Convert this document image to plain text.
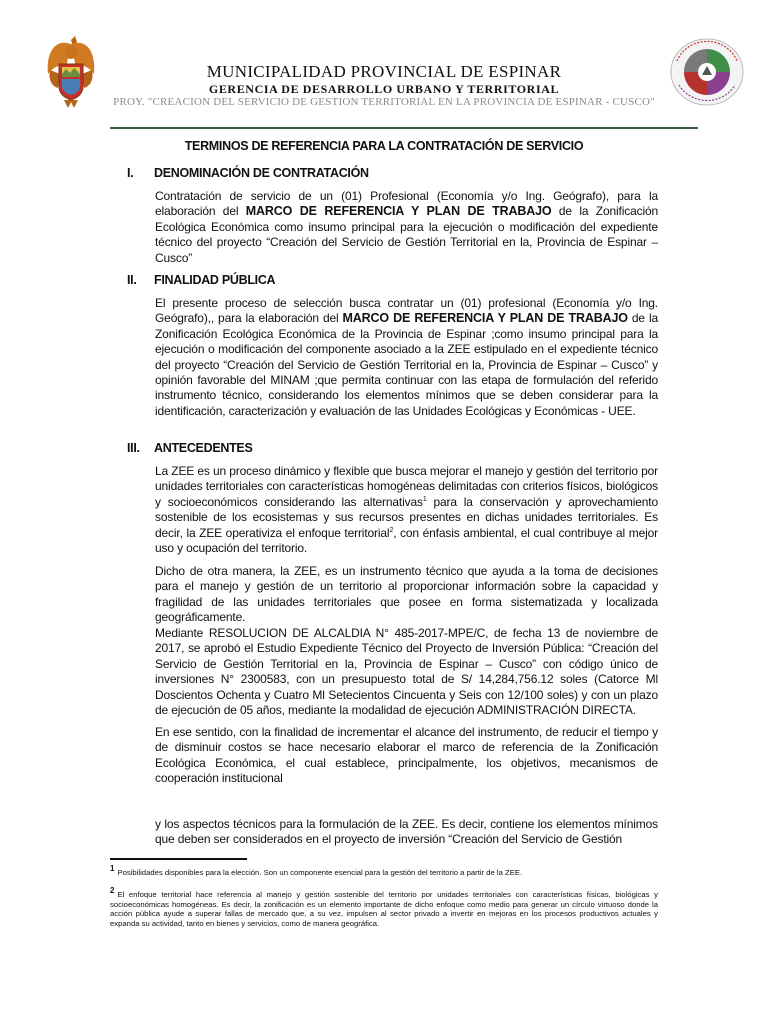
MUNICIPALIDAD PROVINCIAL DE ESPINAR
GERENCIA DE DESARROLLO URBANO Y TERRITORIAL
PROY. "CREACION DEL SERVICIO DE GESTION TERRITORIAL EN LA PROVINCIA DE ESPINAR - CUSCO"
TERMINOS DE REFERENCIA PARA LA CONTRATACIÓN DE SERVICIO
I. DENOMINACIÓN DE CONTRATACIÓN
Contratación de servicio de un (01) Profesional (Economía y/o Ing. Geógrafo), para la elaboración del MARCO DE REFERENCIA Y PLAN DE TRABAJO de la Zonificación Ecológica Económica como insumo principal para la ejecución o modificación del expediente técnico del proyecto “Creación del Servicio de Gestión Territorial en la, Provincia de Espinar – Cusco”
II. FINALIDAD PÚBLICA
El presente proceso de selección busca contratar un (01) profesional (Economía y/o Ing. Geógrafo),, para la elaboración del MARCO DE REFERENCIA Y PLAN DE TRABAJO de la Zonificación Ecológica Económica de la Provincia de Espinar ;como insumo principal para la ejecución o modificación del componente asociado a la ZEE estipulado en el expediente técnico del proyecto “Creación del Servicio de Gestión Territorial en la, Provincia de Espinar – Cusco” y opinión favorable del MINAM ;que permita continuar con las etapa de formulación del referido instrumento técnico, considerando los elementos mínimos que se deben considerar para la identificación, caracterización y evaluación de las Unidades Ecológicas y Económicas - UEE.
III. ANTECEDENTES
La ZEE es un proceso dinámico y flexible que busca mejorar el manejo y gestión del territorio por unidades territoriales con características homogéneas delimitadas con criterios físicos, biológicos y socioeconómicos considerando las alternativas$^1$ para la conservación y aprovechamiento sostenible de los ecosistemas y sus recursos presentes en dichas unidades territoriales. Es decir, la ZEE operativiza el enfoque territorial$^2$, con énfasis ambiental, el cual contribuye al mejor uso y ocupación del territorio.
Dicho de otra manera, la ZEE, es un instrumento técnico que ayuda a la toma de decisiones para el manejo y gestión de un territorio al proporcionar información sobre la capacidad y fragilidad de las unidades territoriales que posee en forma sistematizada y localizada geográficamente.
Mediante RESOLUCION DE ALCALDIA N° 485-2017-MPE/C, de fecha 13 de noviembre de 2017, se aprobó el Estudio Expediente Técnico del Proyecto de Inversión Pública: “Creación del Servicio de Gestión Territorial en la, Provincia de Espinar – Cusco” con código único de inversiones N° 2300583, con un presupuesto total de S/ 14,284,756.12 soles (Catorce Ml Doscientos Ochenta y Cuatro Ml Setecientos Cincuenta y Seis con 12/100 soles) y con un plazo de ejecución de 05 años, mediante la modalidad de ejecución ADMINISTRACIÓN DIRECTA.
En ese sentido, con la finalidad de incrementar el alcance del instrumento, de reducir el tiempo y de disminuir costos se hace necesario elaborar el marco de referencia de la Zonificación Ecológica Económica, el cual establece, principalmente, los objetivos, mecanismos de cooperación institucional
y los aspectos técnicos para la formulación de la ZEE. Es decir, contiene los elementos mínimos que deben ser considerados en el proyecto de inversión “Creación del Servicio de Gestión
1 Posibilidades disponibles para la elección. Son un componente esencial para la gestión del territorio a partir de la ZEE.
2 El enfoque territorial hace referencia al manejo y gestión sostenible del territorio por unidades territoriales con características físicas, biológicas y socioeconómicas homogéneas. Es decir, la zonificación es un elemento importante de dicho enfoque como medio para generar un círculo virtuoso donde la acción pública ayude a superar fallas de mercado que, a su vez, impulsen al sector privado a invertir en mejoras en los procesos productivos actuales y expanda su actividad, tanto en bienes y servicios, como de manera geográfica.
